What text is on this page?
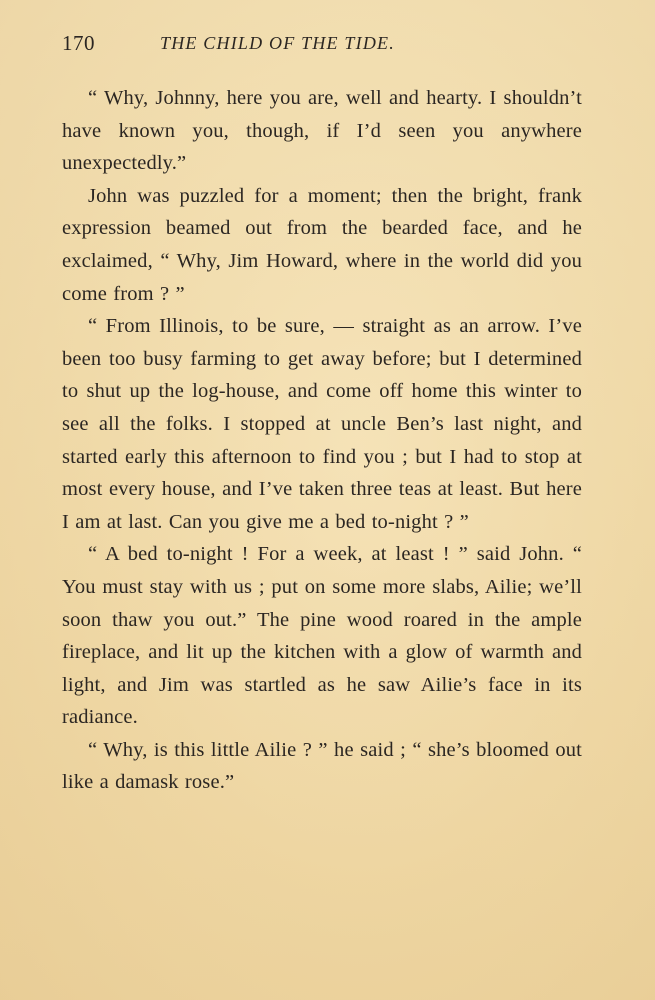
170	THE CHILD OF THE TIDE.

“ Why, Johnny, here you are, well and hearty. I shouldn’t have known you, though, if I’d seen you anywhere unexpectedly.”

John was puzzled for a moment; then the bright, frank expression beamed out from the bearded face, and he exclaimed, “ Why, Jim Howard, where in the world did you come from ? ”

“ From Illinois, to be sure, — straight as an arrow. I’ve been too busy farming to get away before; but I determined to shut up the log-house, and come off home this winter to see all the folks. I stopped at uncle Ben’s last night, and started early this afternoon to find you ; but I had to stop at most every house, and I’ve taken three teas at least. But here I am at last. Can you give me a bed to-night ? ”

“ A bed to-night ! For a week, at least ! ” said John. “ You must stay with us ; put on some more slabs, Ailie; we’ll soon thaw you out.” The pine wood roared in the ample fireplace, and lit up the kitchen with a glow of warmth and light, and Jim was startled as he saw Ailie’s face in its radiance.

“ Why, is this little Ailie ? ” he said ; “ she’s bloomed out like a damask rose.”
